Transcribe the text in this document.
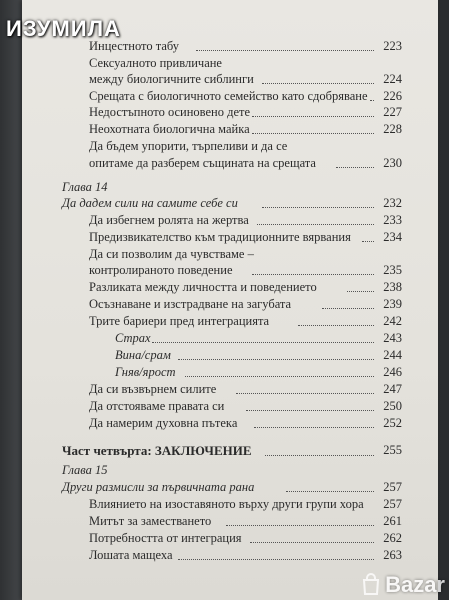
Инцестното табу	223
Сексуалното привличане
между биологичните сиблинги	224
Срещата с биологичното семейство като сдобряване	226
Недостъпното осиновено дете	227
Неохотната биологична майка	228
Да бъдем упорити, търпеливи и да се
опитаме да разберем същината на срещата	230
Глава 14
Да дадем сили на самите себе си	232
Да избегнем ролята на жертва	233
Предизвикателство към традиционните вярвания	234
Да си позволим да чувстваме –
контролираното поведение	235
Разликата между личността и поведението	238
Осъзнаване и изстрадване на загубата	239
Трите бариери пред интеграцията	242
Страх	243
Вина/срам	244
Гняв/ярост	246
Да си възвърнем силите	247
Да отстояваме правата си	250
Да намерим духовна пътека	252
Част четвърта: ЗАКЛЮЧЕНИЕ	255
Глава 15
Други размисли за първичната рана	257
Влиянието на изоставяното върху други групи хора	257
Митът за заместването	261
Потребността от интеграция	262
Лошата мащеха	263
ИЗУМИЛА
Bazar
